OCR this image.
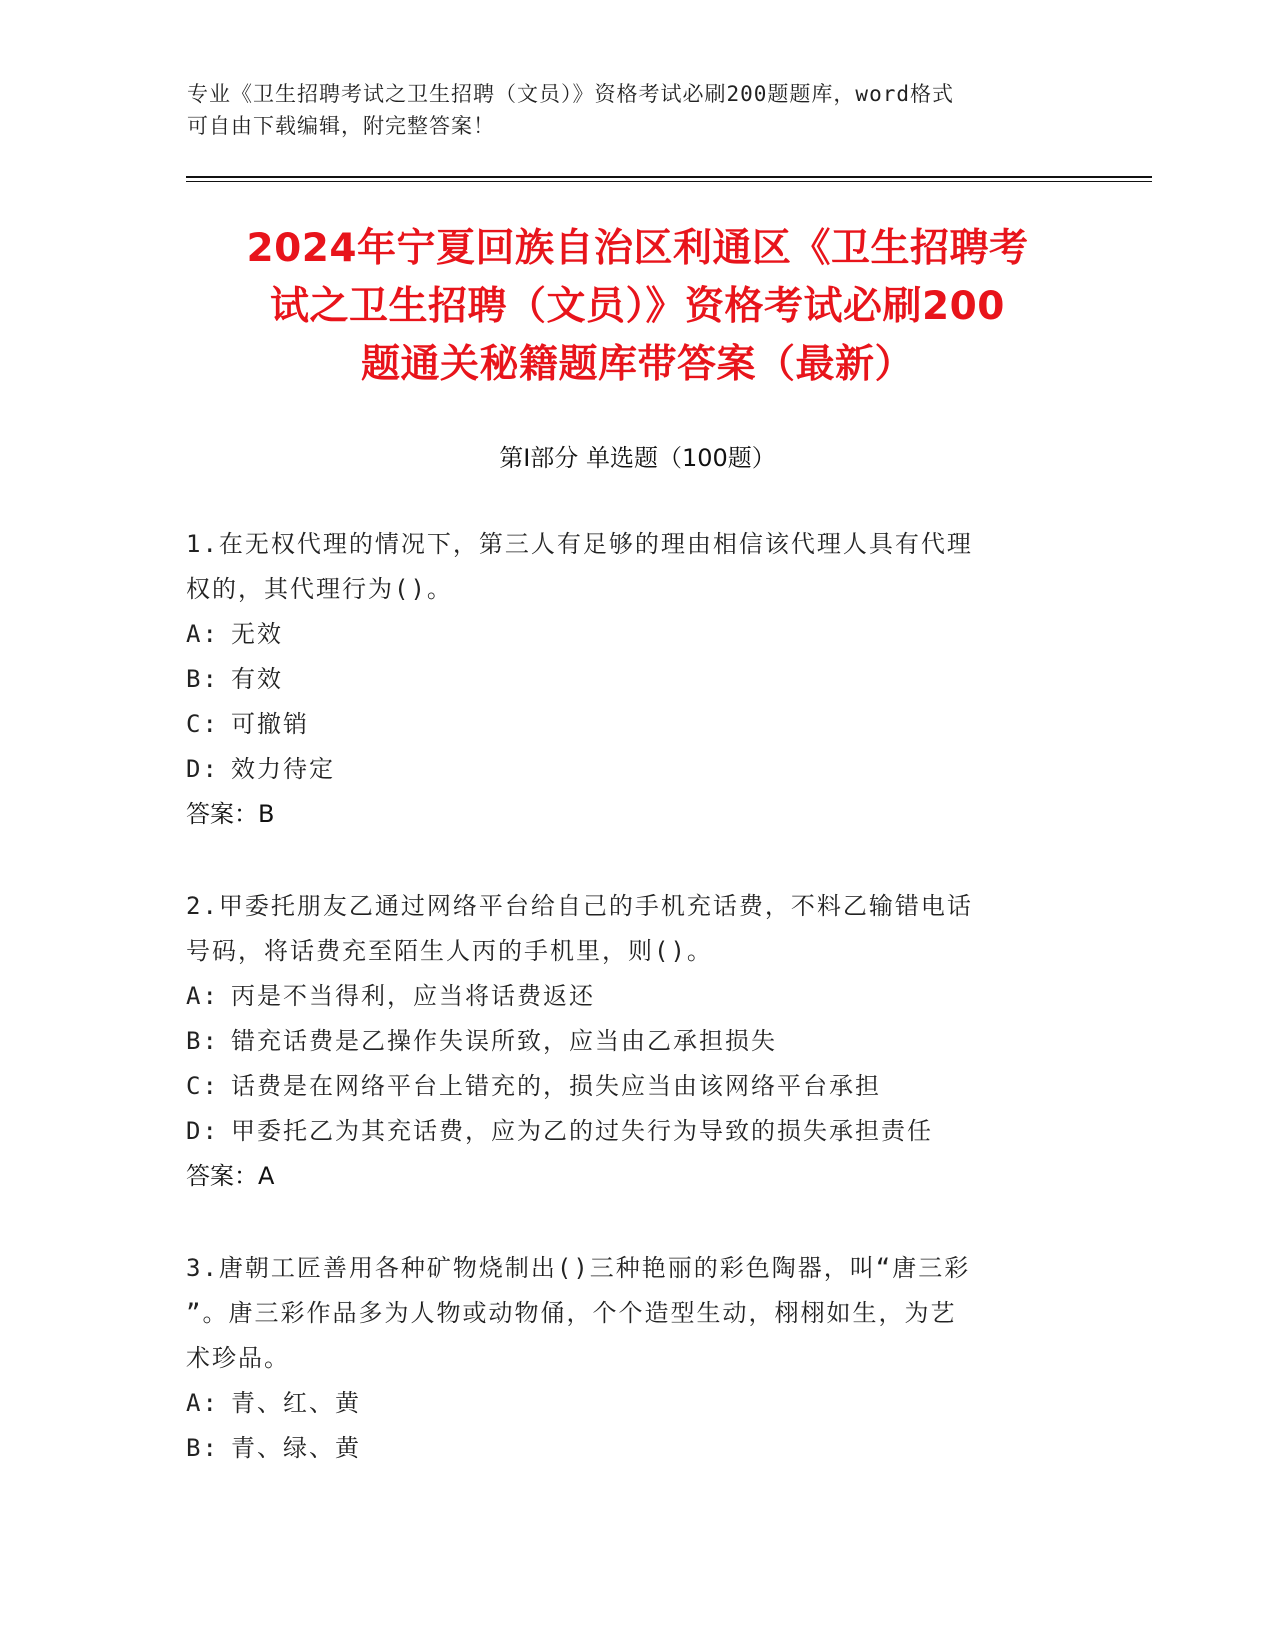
专业《卫生招聘考试之卫生招聘（文员）》资格考试必刷200题题库，word格式
可自由下载编辑，附完整答案！
2024年宁夏回族自治区利通区《卫生招聘考
试之卫生招聘（文员）》资格考试必刷200
题通关秘籍题库带答案（最新）
第Ⅰ部分 单选题（100题）
1.在无权代理的情况下，第三人有足够的理由相信该代理人具有代理
权的，其代理行为()。
A: 无效
B: 有效
C: 可撤销
D: 效力待定
答案：B
2.甲委托朋友乙通过网络平台给自己的手机充话费，不料乙输错电话
号码，将话费充至陌生人丙的手机里，则()。
A: 丙是不当得利，应当将话费返还
B: 错充话费是乙操作失误所致，应当由乙承担损失
C: 话费是在网络平台上错充的，损失应当由该网络平台承担
D: 甲委托乙为其充话费，应为乙的过失行为导致的损失承担责任
答案：A
3.唐朝工匠善用各种矿物烧制出()三种艳丽的彩色陶器，叫“唐三彩
”。唐三彩作品多为人物或动物俑，个个造型生动，栩栩如生，为艺
术珍品。
A: 青、红、黄
B: 青、绿、黄
